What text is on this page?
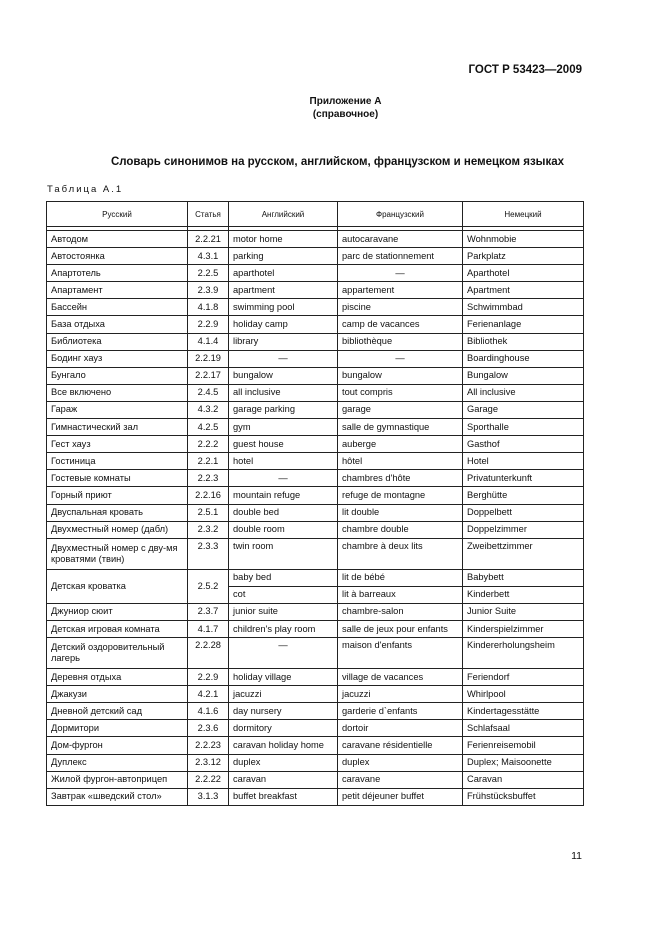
ГОСТ Р 53423—2009
Приложение А
(справочное)
Словарь синонимов на русском, английском, французском и немецком языках
Таблица А.1
Русский	Статья	Английский	Французский	Немецкий

Автодом	2.2.21	motor home	autocaravane	Wohnmobie
Автостоянка	4.3.1	parking	parc de stationnement	Parkplatz
Апартотель	2.2.5	aparthotel	—	Aparthotel
Апартамент	2.3.9	apartment	appartement	Apartment
Бассейн	4.1.8	swimming pool	piscine	Schwimmbad
База отдыха	2.2.9	holiday camp	camp de vacances	Ferienanlage
Библиотека	4.1.4	library	bibliothèque	Bibliothek
Бодинг хауз	2.2.19	—	—	Boardinghouse
Бунгало	2.2.17	bungalow	bungalow	Bungalow
Все включено	2.4.5	all inclusive	tout compris	All inclusive
Гараж	4.3.2	garage parking	garage	Garage
Гимнастический зал	4.2.5	gym	salle de gymnastique	Sporthalle
Гест хауз	2.2.2	guest house	auberge	Gasthof
Гостиница	2.2.1	hotel	hôtel	Hotel
Гостевые комнаты	2.2.3	—	chambres d'hôte	Privatunterkunft
Горный приют	2.2.16	mountain refuge	refuge de montagne	Berghütte
Двуспальная кровать	2.5.1	double bed	lit double	Doppelbett
Двухместный номер (дабл)	2.3.2	double room	chambre double	Doppelzimmer
Двухместный номер с дву-мя кроватями (твин)	2.3.3	twin room	chambre à deux lits	Zweibettzimmer
Детская кроватка	2.5.2	baby bed	lit de bébé	Babybett
		cot	lit à barreaux	Kinderbett
Джуниор сюит	2.3.7	junior suite	chambre-salon	Junior Suite
Детская игровая комната	4.1.7	children's play room	salle de jeux pour enfants	Kinderspielzimmer
Детский оздоровительный лагерь	2.2.28	—	maison d'enfants	Kindererholungsheim
Деревня отдыха	2.2.9	holiday village	village de vacances	Feriendorf
Джакузи	4.2.1	jacuzzi	jacuzzi	Whirlpool
Дневной детский сад	4.1.6	day nursery	garderie d`enfants	Kindertagesstätte
Дормитори	2.3.6	dormitory	dortoir	Schlafsaal
Дом-фургон	2.2.23	caravan holiday home	caravane résidentielle	Ferienreisemobil
Дуплекс	2.3.12	duplex	duplex	Duplex; Maisoonette
Жилой фургон-автоприцеп	2.2.22	caravan	caravane	Caravan
Завтрак «шведский стол»	3.1.3	buffet breakfast	petit déjeuner buffet	Frühstücksbuffet
11
